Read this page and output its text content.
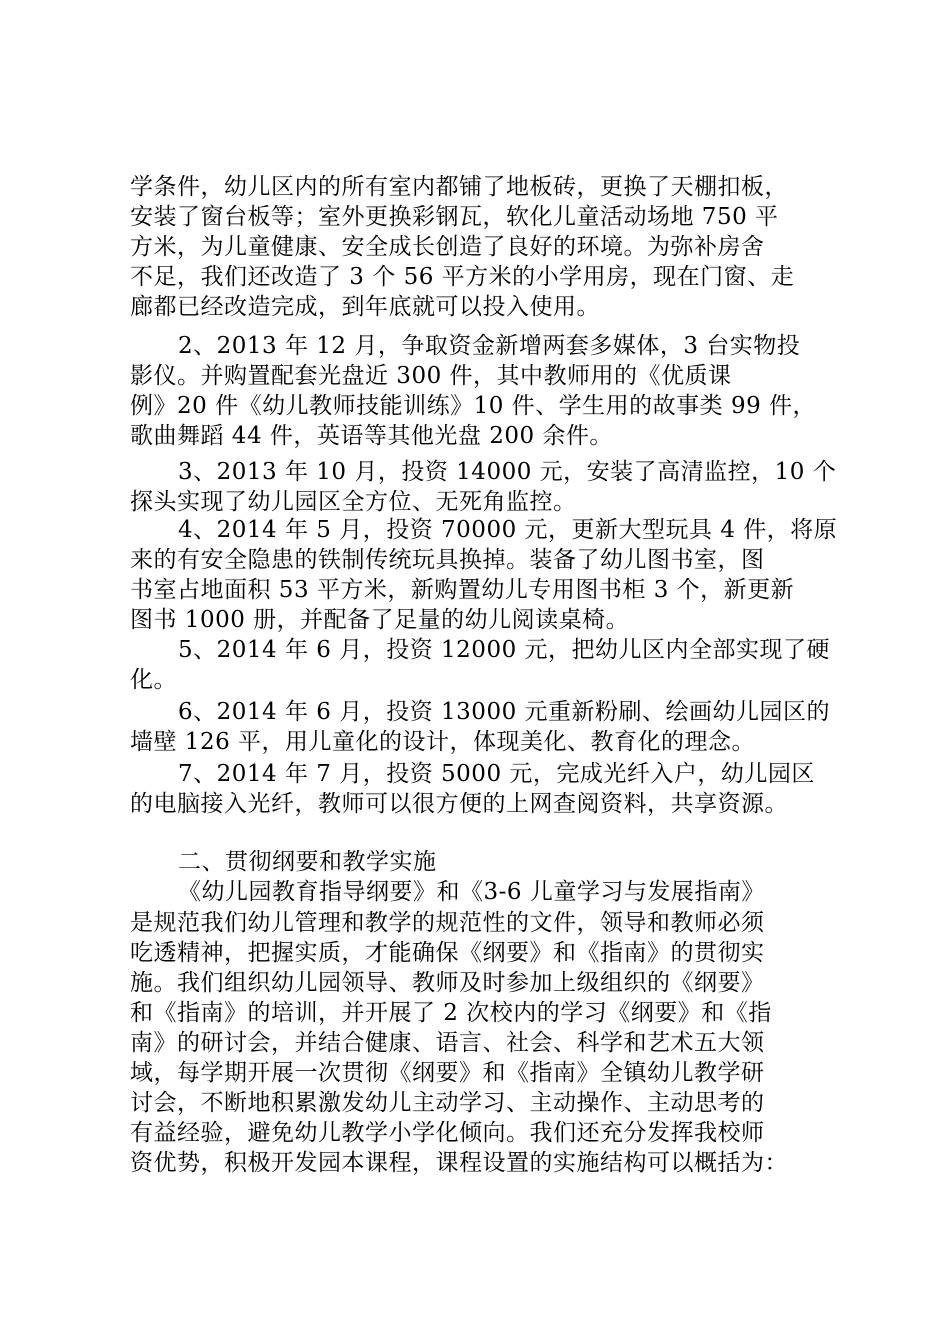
学条件，幼儿区内的所有室内都铺了地板砖，更换了天棚扣板，
安装了窗台板等；室外更换彩钢瓦，软化儿童活动场地 750 平
方米，为儿童健康、安全成长创造了良好的环境。为弥补房舍
不足，我们还改造了 3 个 56 平方米的小学用房，现在门窗、走
廊都已经改造完成，到年底就可以投入使用。
2、2013 年 12 月，争取资金新增两套多媒体，3 台实物投
影仪。并购置配套光盘近 300 件，其中教师用的《优质课
例》20 件《幼儿教师技能训练》10 件、学生用的故事类 99 件，
歌曲舞蹈 44 件，英语等其他光盘 200 余件。
3、2013 年 10 月，投资 14000 元，安装了高清监控，10 个
探头实现了幼儿园区全方位、无死角监控。
4、2014 年 5 月，投资 70000 元，更新大型玩具 4 件，将原
来的有安全隐患的铁制传统玩具换掉。装备了幼儿图书室，图
书室占地面积 53 平方米，新购置幼儿专用图书柜 3 个，新更新
图书 1000 册，并配备了足量的幼儿阅读桌椅。
5、2014 年 6 月，投资 12000 元，把幼儿区内全部实现了硬
化。
6、2014 年 6 月，投资 13000 元重新粉刷、绘画幼儿园区的
墙壁 126 平，用儿童化的设计，体现美化、教育化的理念。
7、2014 年 7 月，投资 5000 元，完成光纤入户，幼儿园区
的电脑接入光纤，教师可以很方便的上网查阅资料，共享资源。
二、贯彻纲要和教学实施
《幼儿园教育指导纲要》和《3-6 儿童学习与发展指南》
是规范我们幼儿管理和教学的规范性的文件，领导和教师必须
吃透精神，把握实质，才能确保《纲要》和《指南》的贯彻实
施。我们组织幼儿园领导、教师及时参加上级组织的《纲要》
和《指南》的培训，并开展了 2 次校内的学习《纲要》和《指
南》的研讨会，并结合健康、语言、社会、科学和艺术五大领
域，每学期开展一次贯彻《纲要》和《指南》全镇幼儿教学研
讨会，不断地积累激发幼儿主动学习、主动操作、主动思考的
有益经验，避免幼儿教学小学化倾向。我们还充分发挥我校师
资优势，积极开发园本课程，课程设置的实施结构可以概括为：
